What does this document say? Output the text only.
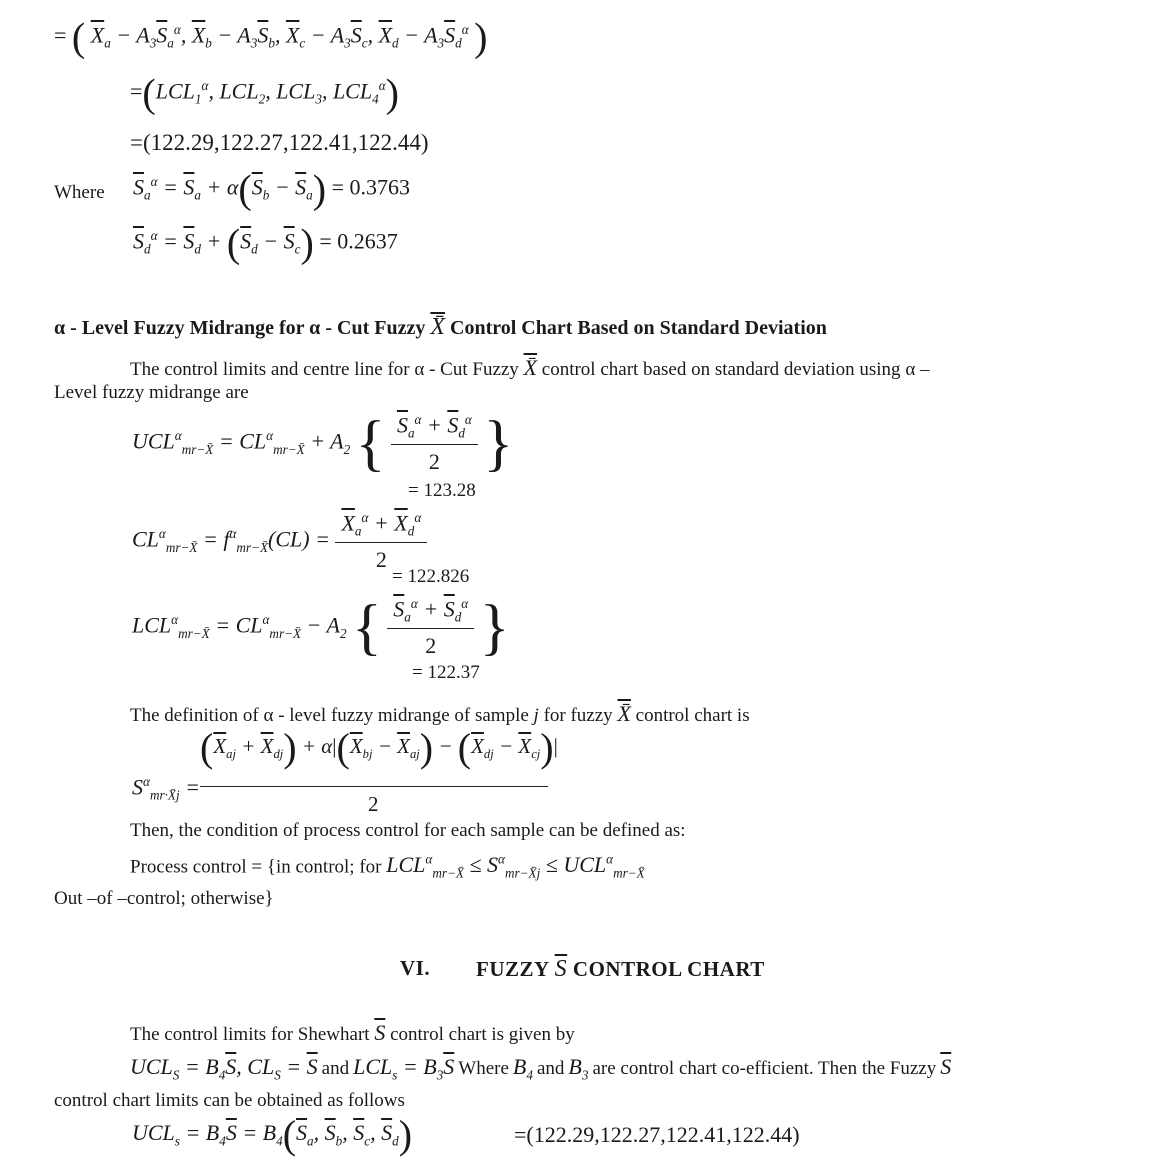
= ( $\overline{X}_a - A_3\overline{S}_a^\alpha$, $\overline{X}_b - A_3\overline{S}_b$, $\overline{X}_c - A_3\overline{S}_c$, $\overline{X}_d - A_3\overline{S}_d^\alpha$ )
$=(LCL_1^\alpha$, $LCL_2$, $LCL_3$, $LCL_4^\alpha$)
=(122.29,122.27,122.41,122.44)
Where $\overline{S}_a^\alpha = \overline{S}_a + \alpha(\overline{S}_b - \overline{S}_a) = 0.3763$
$\overline{S}_d^\alpha = \overline{S}_d + (\overline{S}_d - \overline{S}_c) = 0.2637$
α - Level Fuzzy Midrange for α - Cut Fuzzy X̄ Control Chart Based on Standard Deviation
The control limits and centre line for α - Cut Fuzzy X̄ control chart based on standard deviation using α –
Level fuzzy midrange are
$UCL^\alpha_{mr-X̄} = CL^\alpha_{mr-X̄} + A_2$ { $\frac{\overline{S}_a^\alpha + \overline{S}_d^\alpha}{2}$ }
= 123.28
$CL^\alpha_{mr-X̄} = f^\alpha_{mr-X̄}(CL) = \frac{\overline{X}_a^\alpha + \overline{X}_d^\alpha}{2}$
= 122.826
$LCL^\alpha_{mr-X̄} = CL^\alpha_{mr-X̄} - A_2$ { $\frac{\overline{S}_a^\alpha + \overline{S}_d^\alpha}{2}$ }
= 122.37
The definition of α - level fuzzy midrange of sample j for fuzzy X̄ control chart is
$S^\alpha_{mr\cdot X̄j}$ =
$(\overline{X}_{aj} + \overline{X}_{dj}) + \alpha|(\overline{X}_{bj} - \overline{X}_{aj}) - (\overline{X}_{dj} - \overline{X}_{cj})|$
2
Then, the condition of process control for each sample can be defined as:
Process control = {in control; for $LCL^\alpha_{mr-X̄} \le S^\alpha_{mr-X̄j} \le UCL^\alpha_{mr-X̄}$
Out –of –control; otherwise}
VI. FUZZY $\overline{S}$ CONTROL CHART
The control limits for Shewhart $\overline{S}$ control chart is given by
$UCL_S = B_4\overline{S}$, $CL_S = \overline{S}$ and $LCL_s = B_3\overline{S}$ Where $B_4$ and $B_3$ are control chart co-efficient. Then the Fuzzy $\overline{S}$
control chart limits can be obtained as follows
$UCL_s = B_4\overline{S} = B_4(\overline{S}_a$, $\overline{S}_b$, $\overline{S}_c$, $\overline{S}_d$)	=(122.29,122.27,122.41,122.44)
